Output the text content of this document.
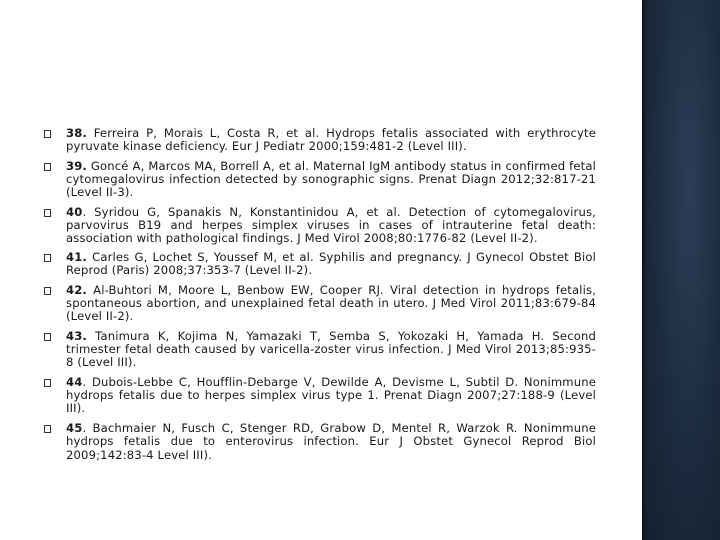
38. Ferreira P, Morais L, Costa R, et al. Hydrops fetalis associated with erythrocyte pyruvate kinase deficiency. Eur J Pediatr 2000;159:481-2 (Level III).
39. Goncé A, Marcos MA, Borrell A, et al. Maternal IgM antibody status in confirmed fetal cytomegalovirus infection detected by sonographic signs. Prenat Diagn 2012;32:817-21 (Level II-3).
40. Syridou G, Spanakis N, Konstantinidou A, et al. Detection of cytomegalovirus, parvovirus B19 and herpes simplex viruses in cases of intrauterine fetal death: association with pathological findings. J Med Virol 2008;80:1776-82 (Level II-2).
41. Carles G, Lochet S, Youssef M, et al. Syphilis and pregnancy. J Gynecol Obstet Biol Reprod (Paris) 2008;37:353-7 (Level II-2).
42. Al-Buhtori M, Moore L, Benbow EW, Cooper RJ. Viral detection in hydrops fetalis, spontaneous abortion, and unexplained fetal death in utero. J Med Virol 2011;83:679-84 (Level II-2).
43. Tanimura K, Kojima N, Yamazaki T, Semba S, Yokozaki H, Yamada H. Second trimester fetal death caused by varicella-zoster virus infection. J Med Virol 2013;85:935-8 (Level III).
44. Dubois-Lebbe C, Houfflin-Debarge V, Dewilde A, Devisme L, Subtil D. Nonimmune hydrops fetalis due to herpes simplex virus type 1. Prenat Diagn 2007;27:188-9 (Level III).
45. Bachmaier N, Fusch C, Stenger RD, Grabow D, Mentel R, Warzok R. Nonimmune hydrops fetalis due to enterovirus infection. Eur J Obstet Gynecol Reprod Biol 2009;142:83-4 Level III).
